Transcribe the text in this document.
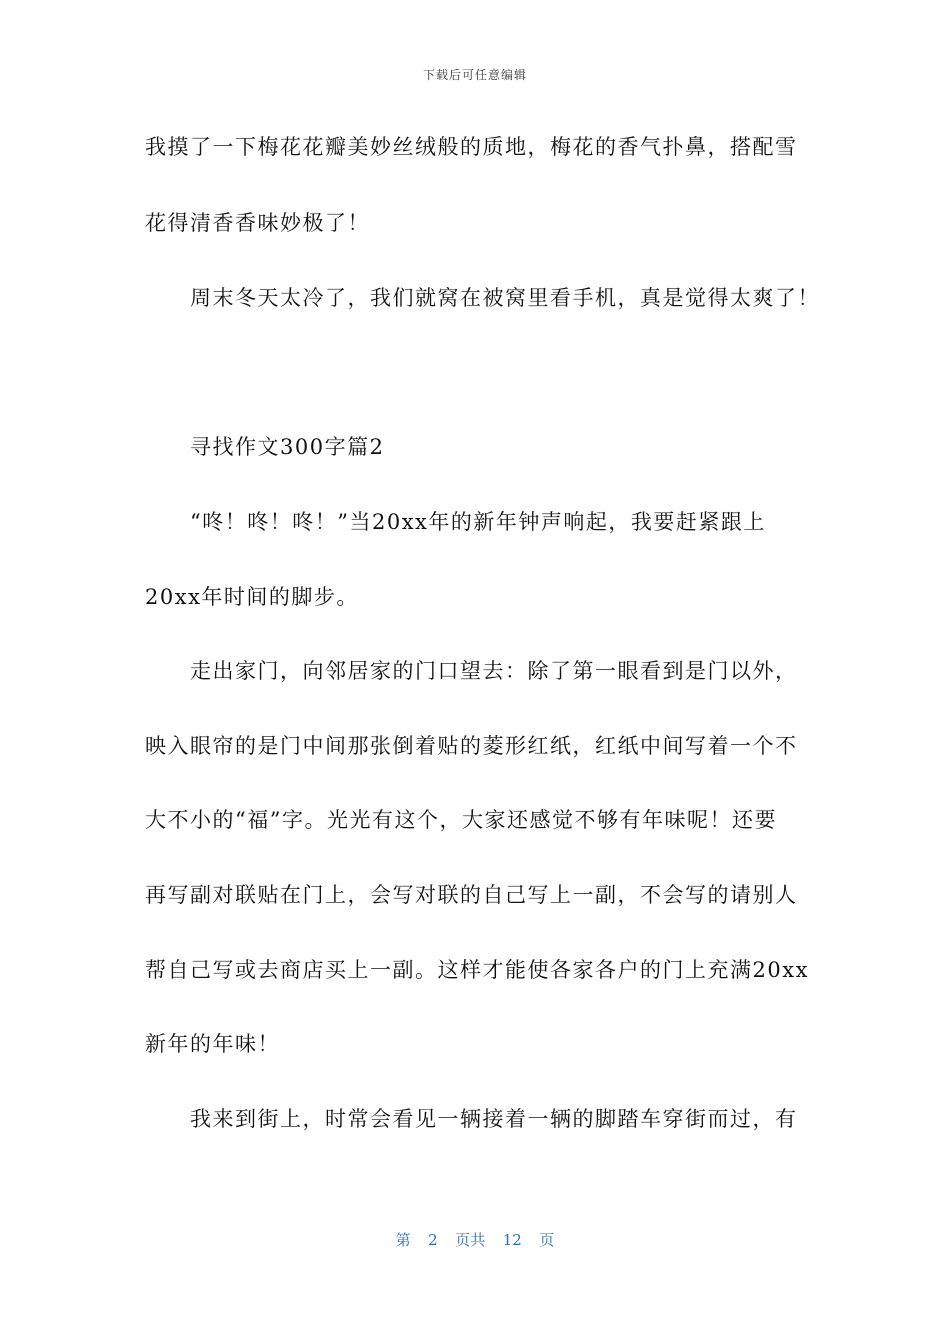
下载后可任意编辑
我摸了一下梅花花瓣美妙丝绒般的质地，梅花的香气扑鼻，搭配雪
花得清香香味妙极了！
周末冬天太冷了，我们就窝在被窝里看手机，真是觉得太爽了！
寻找作文300字篇2
“咚！咚！咚！”当20xx年的新年钟声响起，我要赶紧跟上
20xx年时间的脚步。
走出家门，向邻居家的门口望去：除了第一眼看到是门以外，
映入眼帘的是门中间那张倒着贴的菱形红纸，红纸中间写着一个不
大不小的“福”字。光光有这个，大家还感觉不够有年味呢！还要
再写副对联贴在门上，会写对联的自己写上一副，不会写的请别人
帮自己写或去商店买上一副。这样才能使各家各户的门上充满20xx
新年的年味！
我来到街上，时常会看见一辆接着一辆的脚踏车穿街而过，有
第  2  页共  12  页
